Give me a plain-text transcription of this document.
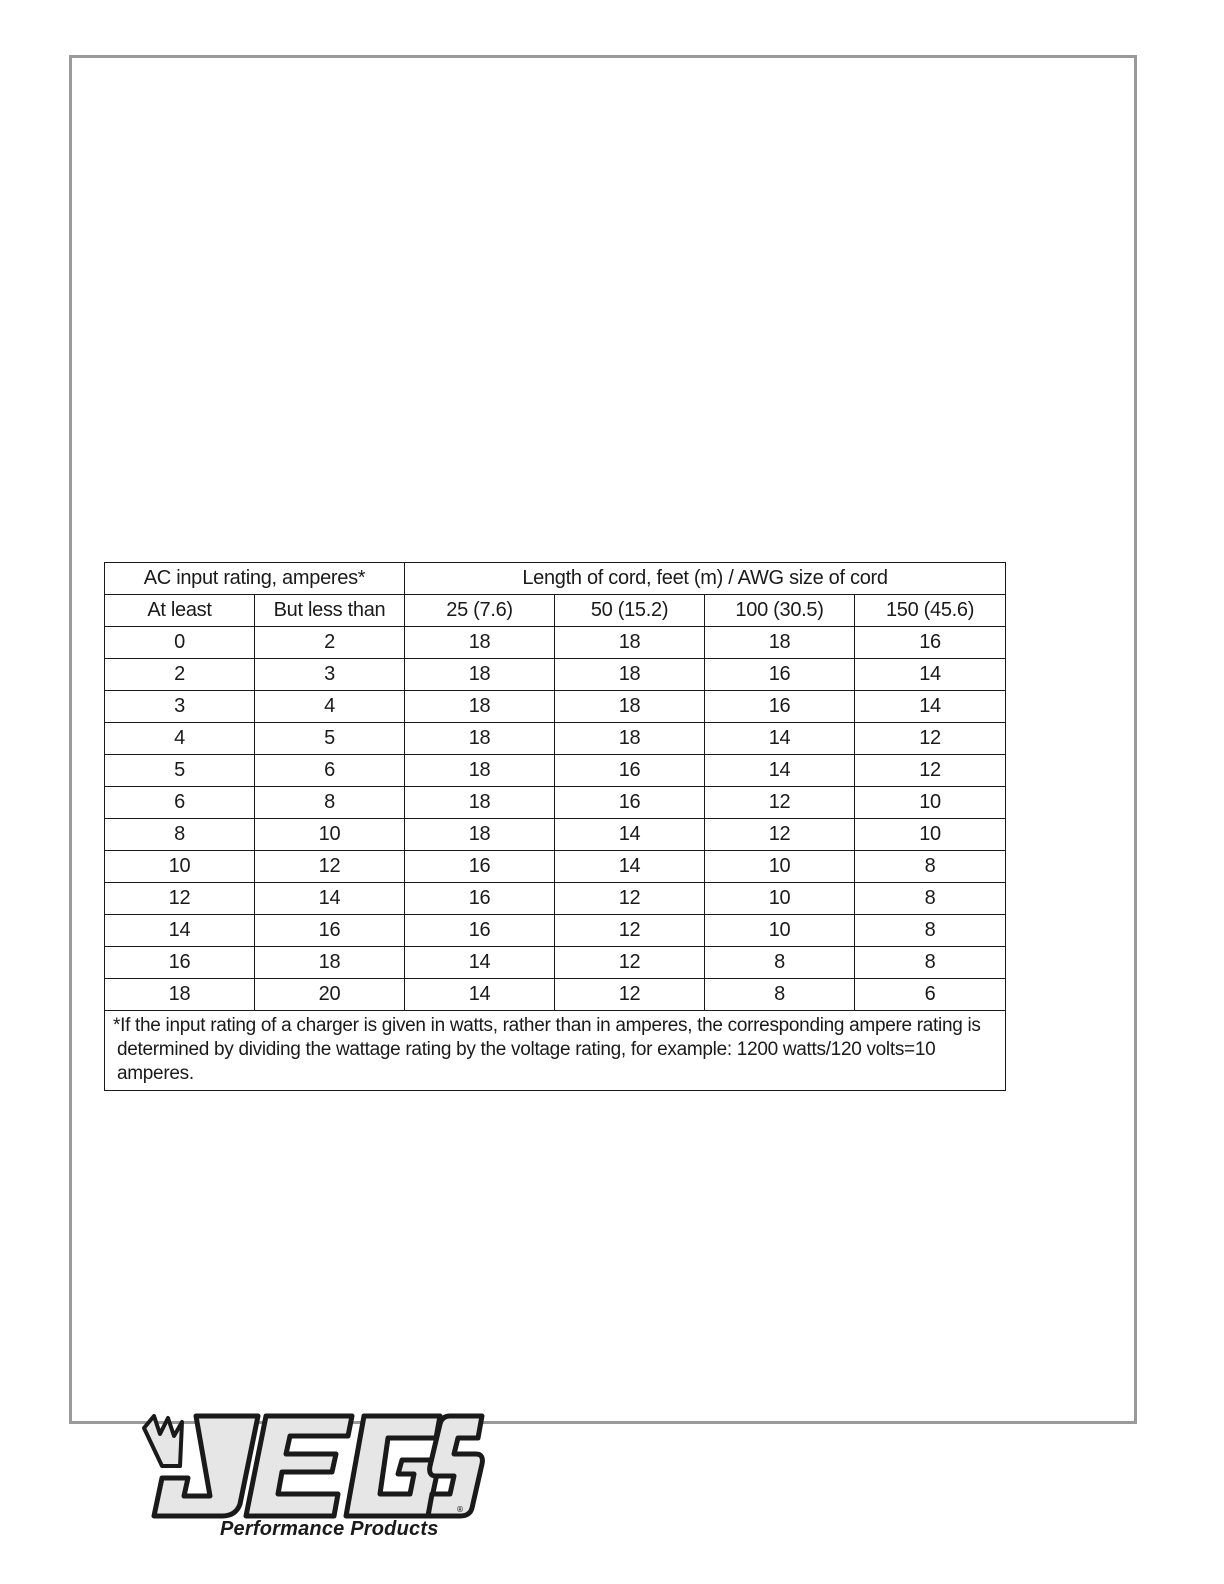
AC input rating, amperes*		Length of cord, feet (m) / AWG size of cord			
At least	But less than	25 (7.6)	50 (15.2)	100 (30.5)	150 (45.6)
0	2	18	18	18	16
2	3	18	18	16	14
3	4	18	18	16	14
4	5	18	18	14	12
5	6	18	16	14	12
6	8	18	16	12	10
8	10	18	14	12	10
10	12	16	14	10	8
12	14	16	12	10	8
14	16	16	12	10	8
16	18	14	12	8	8
18	20	14	12	8	6

*If the input rating of a charger is given in watts, rather than in amperes, the corresponding ampere rating is
determined by dividing the wattage rating by the voltage rating, for example: 1200 watts/120 volts=10 amperes.					
®
Performance Products
